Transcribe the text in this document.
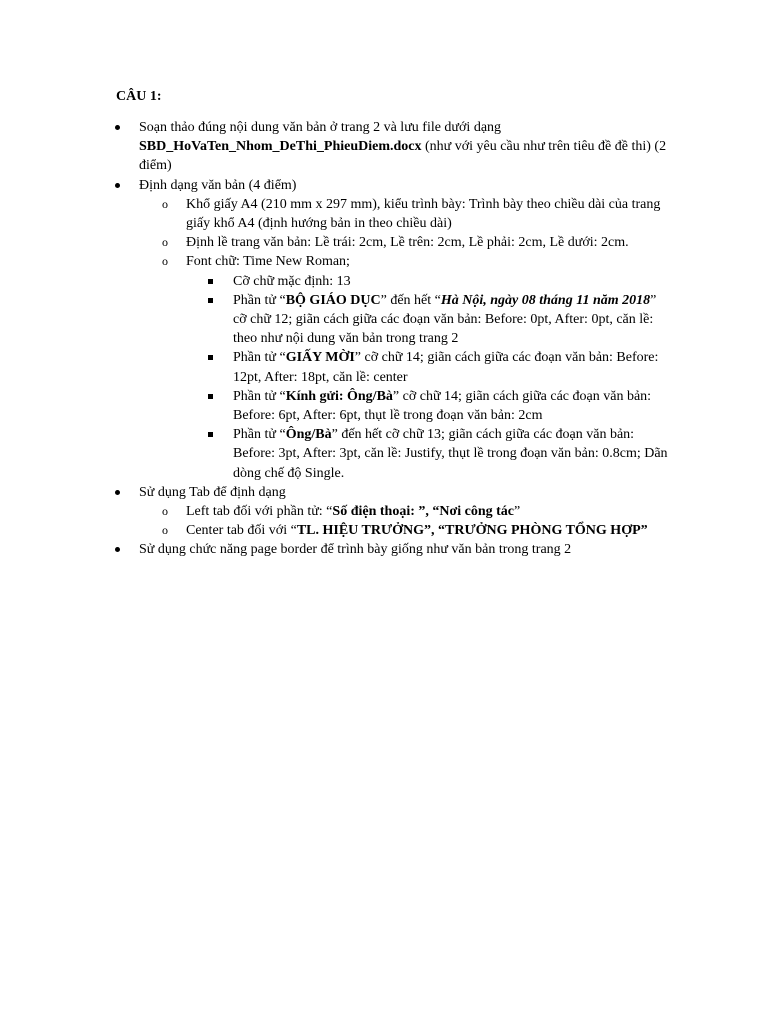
CÂU 1:

Soạn thảo đúng nội dung văn bản ở trang 2 và lưu file dưới dạng SBD_HoVaTen_Nhom_DeThi_PhieuDiem.docx (như với yêu cầu như trên tiêu đề đề thi) (2 điểm)
Định dạng văn bản (4 điểm)
o Khổ giấy A4 (210 mm x 297 mm), kiểu trình bày: Trình bày theo chiều dài của trang giấy khổ A4 (định hướng bản in theo chiều dài)
o Định lề trang văn bản: Lề trái: 2cm, Lề trên: 2cm, Lề phải: 2cm, Lề dưới: 2cm.
o Font chữ: Time New Roman;
Cỡ chữ mặc định: 13
Phần tử “BỘ GIÁO DỤC” đến hết “Hà Nội, ngày 08 tháng 11 năm 2018” cỡ chữ 12; giãn cách giữa các đoạn văn bản: Before: 0pt, After: 0pt, căn lề: theo như nội dung văn bản trong trang 2
Phần tử “GIẤY MỜI” cỡ chữ 14; giãn cách giữa các đoạn văn bản: Before: 12pt, After: 18pt, căn lề: center
Phần tử “Kính gửi: Ông/Bà” cỡ chữ 14; giãn cách giữa các đoạn văn bản: Before: 6pt, After: 6pt, thụt lề trong đoạn văn bản: 2cm
Phần tử “Ông/Bà” đến hết cỡ chữ 13; giãn cách giữa các đoạn văn bản: Before: 3pt, After: 3pt, căn lề: Justify, thụt lề trong đoạn văn bản: 0.8cm; Dãn dòng chế độ Single.
Sử dụng Tab để định dạng
o Left tab đối với phần tử: “Số điện thoại: ”, “Nơi công tác”
o Center tab đối với “TL. HIỆU TRƯỞNG”, “TRƯỞNG PHÒNG TỔNG HỢP”
Sử dụng chức năng page border để trình bày giống như văn bản trong trang 2
